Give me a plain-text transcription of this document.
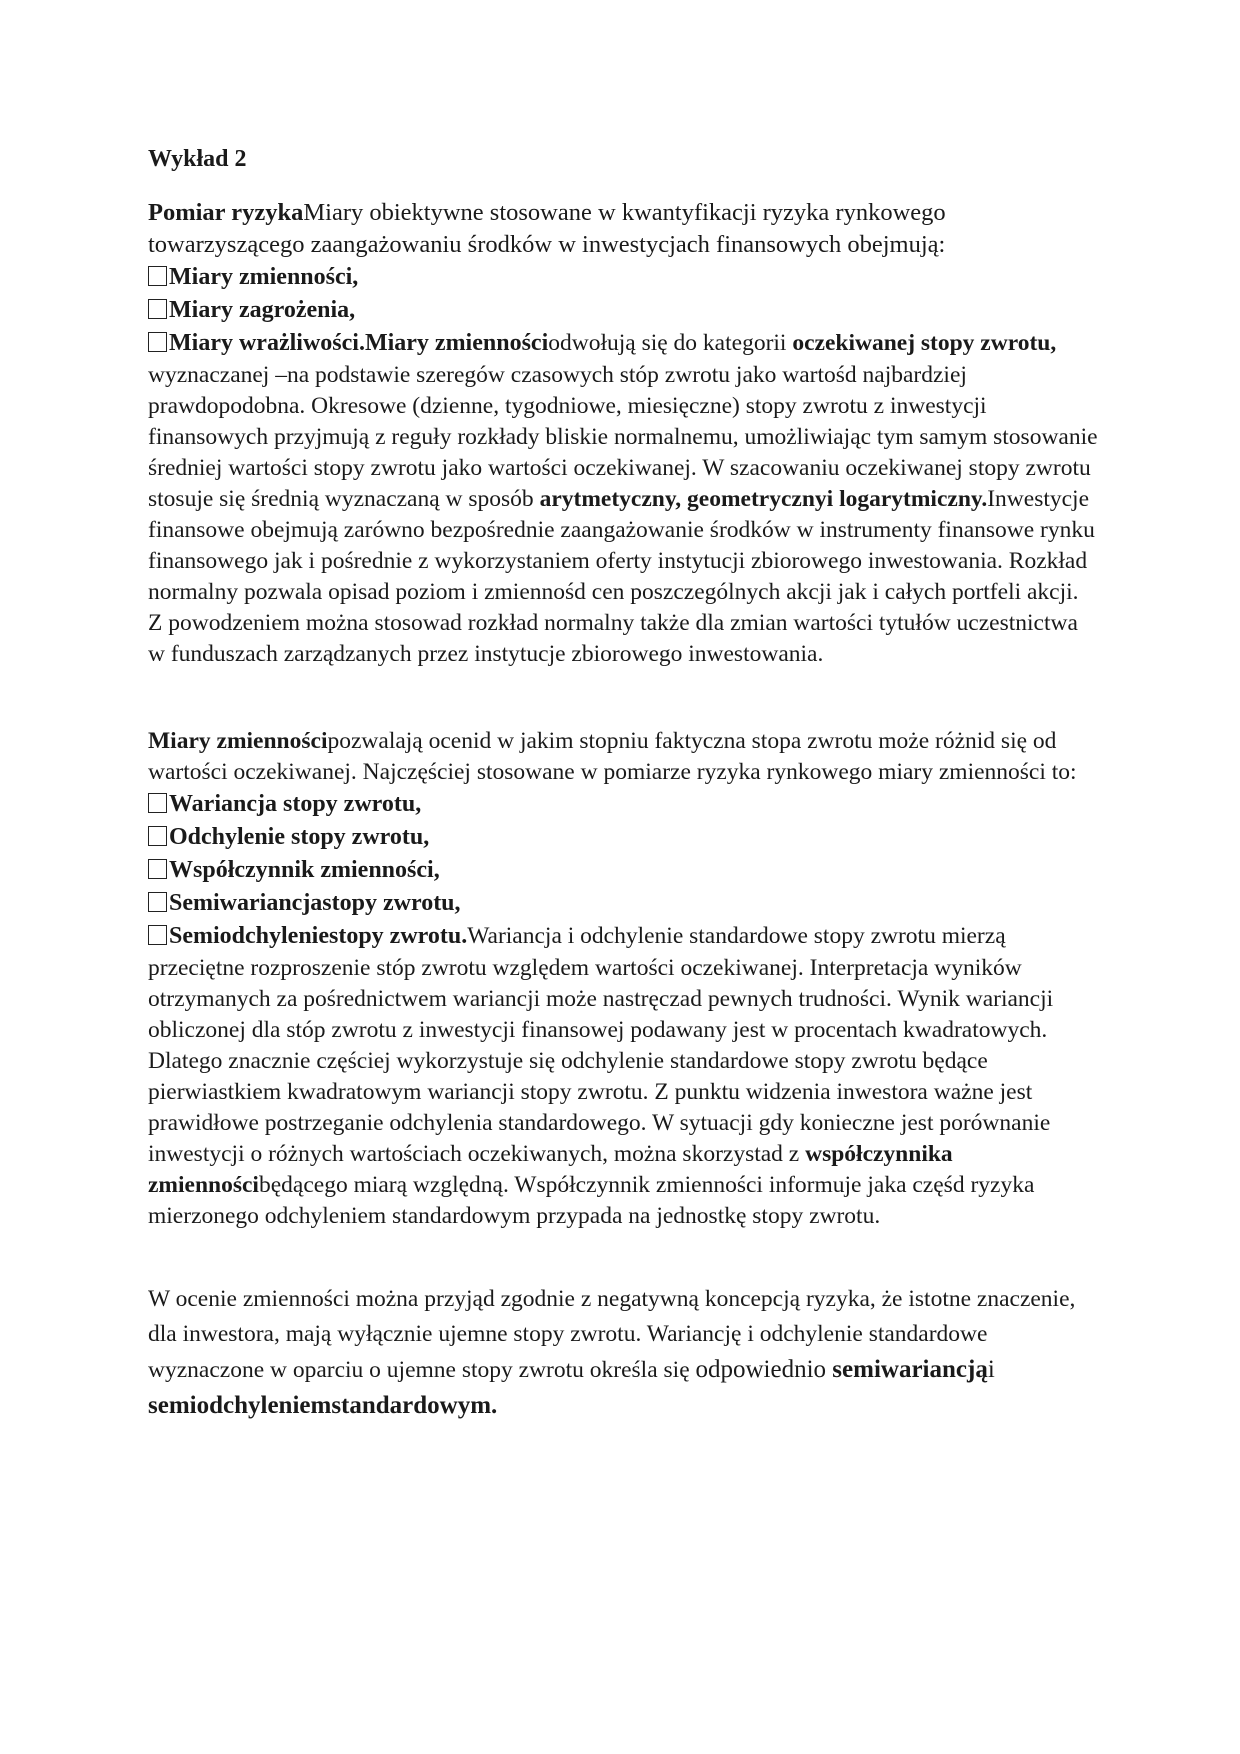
Wykład 2

Pomiar ryzykaMiary obiektywne stosowane w kwantyfikacji ryzyka rynkowego towarzyszącego zaangażowaniu środków w inwestycjach finansowych obejmują:

Miary zmienności,
Miary zagrożenia,

Miary wrażliwości.Miary zmiennościodwołują się do kategorii oczekiwanej stopy zwrotu, wyznaczanej –na podstawie szeregów czasowych stóp zwrotu jako wartośd najbardziej prawdopodobna. Okresowe (dzienne, tygodniowe, miesięczne) stopy zwrotu z inwestycji finansowych przyjmują z reguły rozkłady bliskie normalnemu, umożliwiając tym samym stosowanie średniej wartości stopy zwrotu jako wartości oczekiwanej. W szacowaniu oczekiwanej stopy zwrotu stosuje się średnią wyznaczaną w sposób arytmetyczny, geometrycznyi logarytmiczny.Inwestycje finansowe obejmują zarówno bezpośrednie zaangażowanie środków w instrumenty finansowe rynku finansowego jak i pośrednie z wykorzystaniem oferty instytucji zbiorowego inwestowania. Rozkład normalny pozwala opisad poziom i zmiennośd cen poszczególnych akcji jak i całych portfeli akcji. Z powodzeniem można stosowad rozkład normalny także dla zmian wartości tytułów uczestnictwa w funduszach zarządzanych przez instytucje zbiorowego inwestowania.

Miary zmiennościpozwalają ocenid w jakim stopniu faktyczna stopa zwrotu może różnid się od wartości oczekiwanej. Najczęściej stosowane w pomiarze ryzyka rynkowego miary zmienności to:

Wariancja stopy zwrotu,
Odchylenie stopy zwrotu,
Współczynnik zmienności,
Semiwariancjastopy zwrotu,

Semiodchyleniestopy zwrotu.Wariancja i odchylenie standardowe stopy zwrotu mierzą przeciętne rozproszenie stóp zwrotu względem wartości oczekiwanej. Interpretacja wyników otrzymanych za pośrednictwem wariancji może nastręczad pewnych trudności. Wynik wariancji obliczonej dla stóp zwrotu z inwestycji finansowej podawany jest w procentach kwadratowych. Dlatego znacznie częściej wykorzystuje się odchylenie standardowe stopy zwrotu będące pierwiastkiem kwadratowym wariancji stopy zwrotu. Z punktu widzenia inwestora ważne jest prawidłowe postrzeganie odchylenia standardowego. W sytuacji gdy konieczne jest porównanie inwestycji o różnych wartościach oczekiwanych, można skorzystad z współczynnika zmiennościbędącego miarą względną. Współczynnik zmienności informuje jaka częśd ryzyka mierzonego odchyleniem standardowym przypada na jednostkę stopy zwrotu.

W ocenie zmienności można przyjąd zgodnie z negatywną koncepcją ryzyka, że istotne znaczenie, dla inwestora, mają wyłącznie ujemne stopy zwrotu. Wariancję i odchylenie standardowe wyznaczone w oparciu o ujemne stopy zwrotu określa się odpowiednio semiwariancjąi semiodchyleniemstandardowym.
